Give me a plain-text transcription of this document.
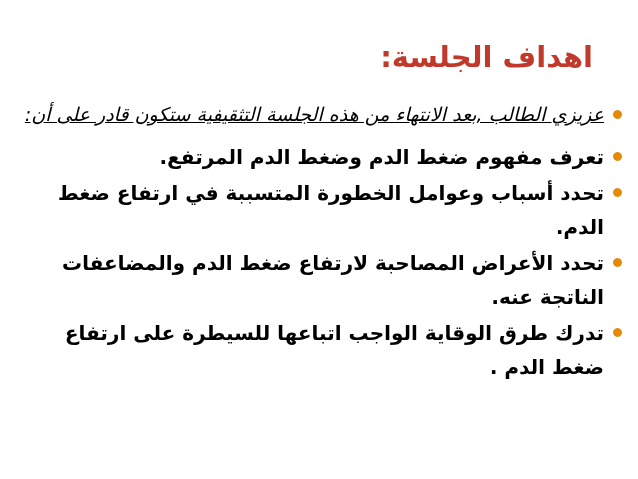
اهداف الجلسة:
عزيزي الطالب ,بعد الانتهاء من هذه الجلسة التثقيفية ستكون قادر على أن:
تعرف مفهوم ضغط الدم وضغط الدم المرتفع.
تحدد أسباب وعوامل الخطورة المتسببة في ارتفاع ضغط الدم.
تحدد الأعراض المصاحبة لارتفاع ضغط الدم والمضاعفات الناتجة عنه.
تدرك طرق الوقاية الواجب اتباعها للسيطرة على ارتفاع ضغط الدم .
